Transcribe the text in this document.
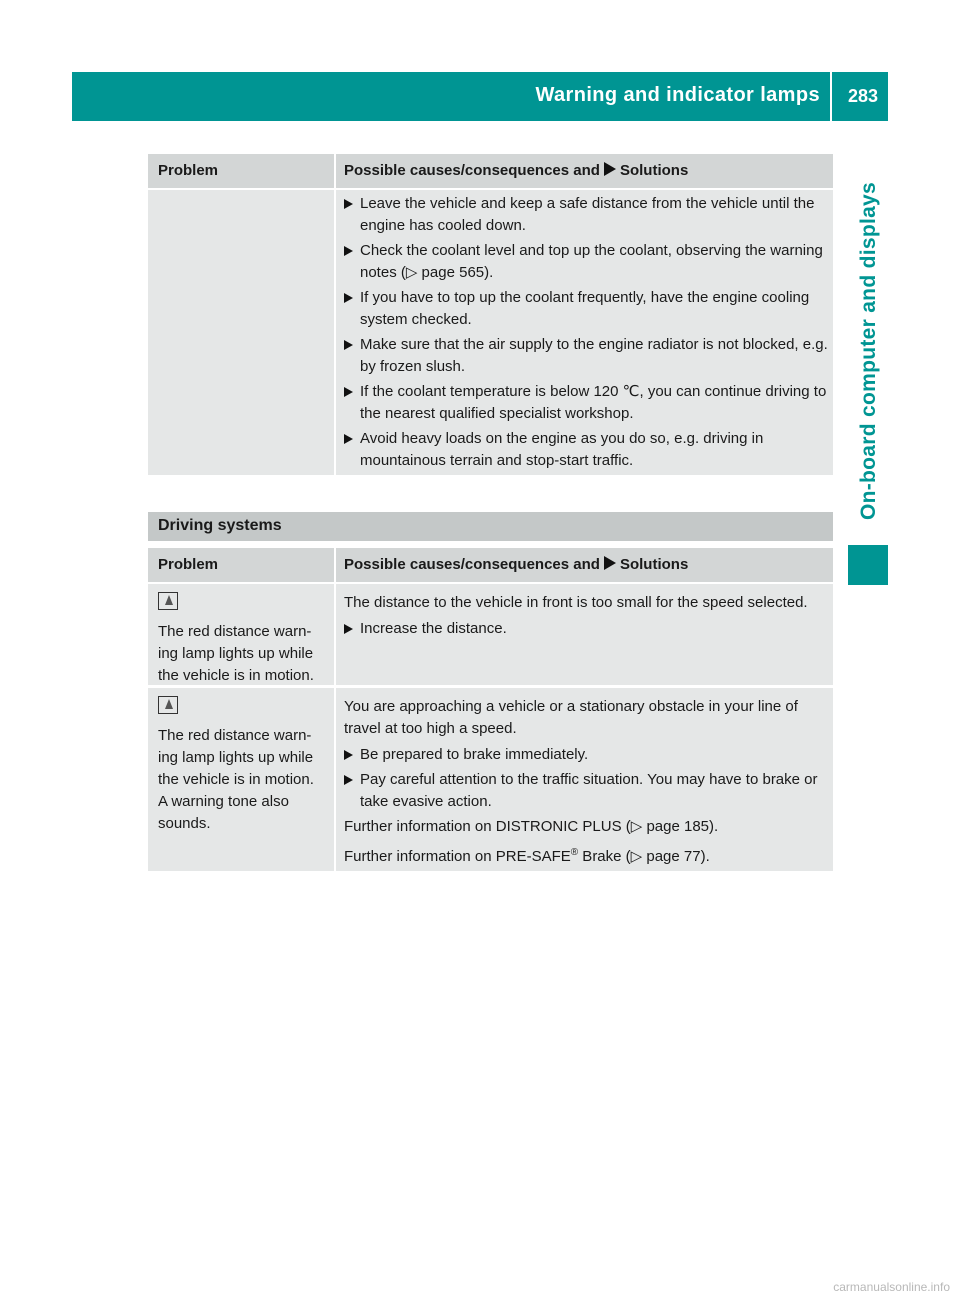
Warning and indicator lamps 283
On-board computer and displays
Problem	Possible causes/consequences and Solutions
Leave the vehicle and keep a safe distance from the vehicle until the engine has cooled down.
Check the coolant level and top up the coolant, observing the warning notes (▷ page 565).
If you have to top up the coolant frequently, have the engine cooling system checked.
Make sure that the air supply to the engine radiator is not blocked, e.g. by frozen slush.
If the coolant temperature is below 120 ℃, you can continue driving to the nearest qualified specialist workshop.
Avoid heavy loads on the engine as you do so, e.g. driving in mountainous terrain and stop-start traffic.
Driving systems
Problem	Possible causes/consequences and Solutions
The red distance warn-ing lamp lights up while the vehicle is in motion.
The distance to the vehicle in front is too small for the speed selected.
Increase the distance.
The red distance warn-ing lamp lights up while the vehicle is in motion. A warning tone also sounds.
You are approaching a vehicle or a stationary obstacle in your line of travel at too high a speed.
Be prepared to brake immediately.
Pay careful attention to the traffic situation. You may have to brake or take evasive action.
Further information on DISTRONIC PLUS (▷ page 185).
Further information on PRE-SAFE® Brake (▷ page 77).
carmanualsonline.info
